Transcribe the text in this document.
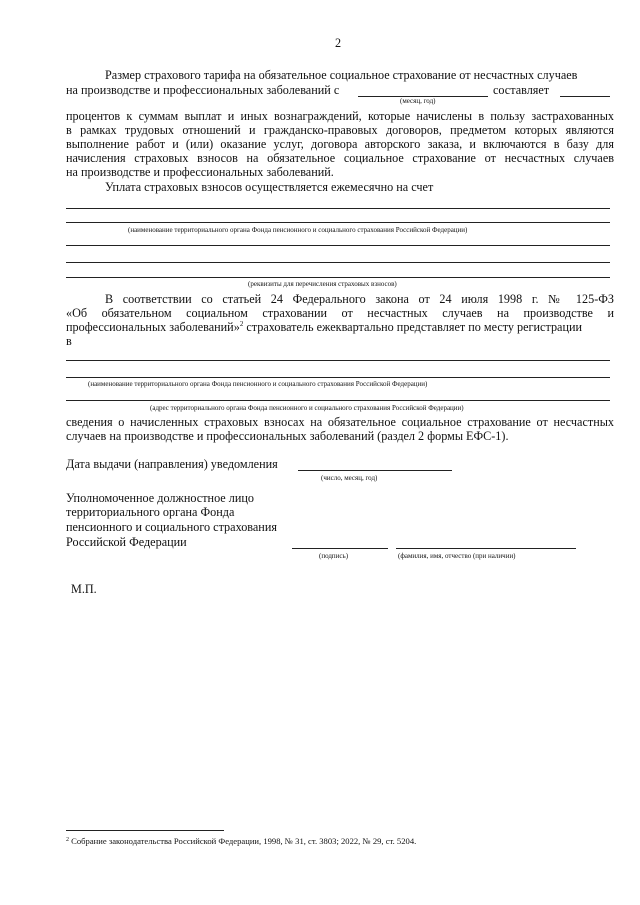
2
Размер страхового тарифа на обязательное социальное страхование от несчастных случаев
на производстве и профессиональных заболеваний с	составляет
(месяц, год)
процентов к суммам выплат и иных вознаграждений, которые начислены в пользу застрахованных
в рамках трудовых отношений и гражданско-правовых договоров, предметом которых являются
выполнение работ и (или) оказание услуг, договора авторского заказа, и включаются в базу для
начисления страховых взносов на обязательное социальное страхование от несчастных случаев
на производстве и профессиональных заболеваний.
Уплата страховых взносов осуществляется ежемесячно на счет
(наименование территориального органа Фонда пенсионного и социального страхования Российской Федерации)
(реквизиты для перечисления страховых взносов)
В соответствии со статьей 24 Федерального закона от 24 июля 1998 г. № 125-ФЗ
«Об обязательном социальном страховании от несчастных случаев на производстве и
профессиональных заболеваний»$^2$ страхователь ежеквартально представляет по месту регистрации
в
(наименование территориального органа Фонда пенсионного и социального страхования Российской Федерации)
(адрес территориального органа Фонда пенсионного и социального страхования Российской Федерации)
сведения о начисленных страховых взносах на обязательное социальное страхование от несчастных
случаев на производстве и профессиональных заболеваний (раздел 2 формы ЕФС-1).
Дата выдачи (направления) уведомления
(число, месяц, год)
Уполномоченное должностное лицо
территориального органа Фонда
пенсионного и социального страхования
Российской Федерации
(подпись)	(фамилия, имя, отчество (при наличии)
М.П.
$^2$ Собрание законодательства Российской Федерации, 1998, № 31, ст. 3803; 2022, № 29, ст. 5204.
